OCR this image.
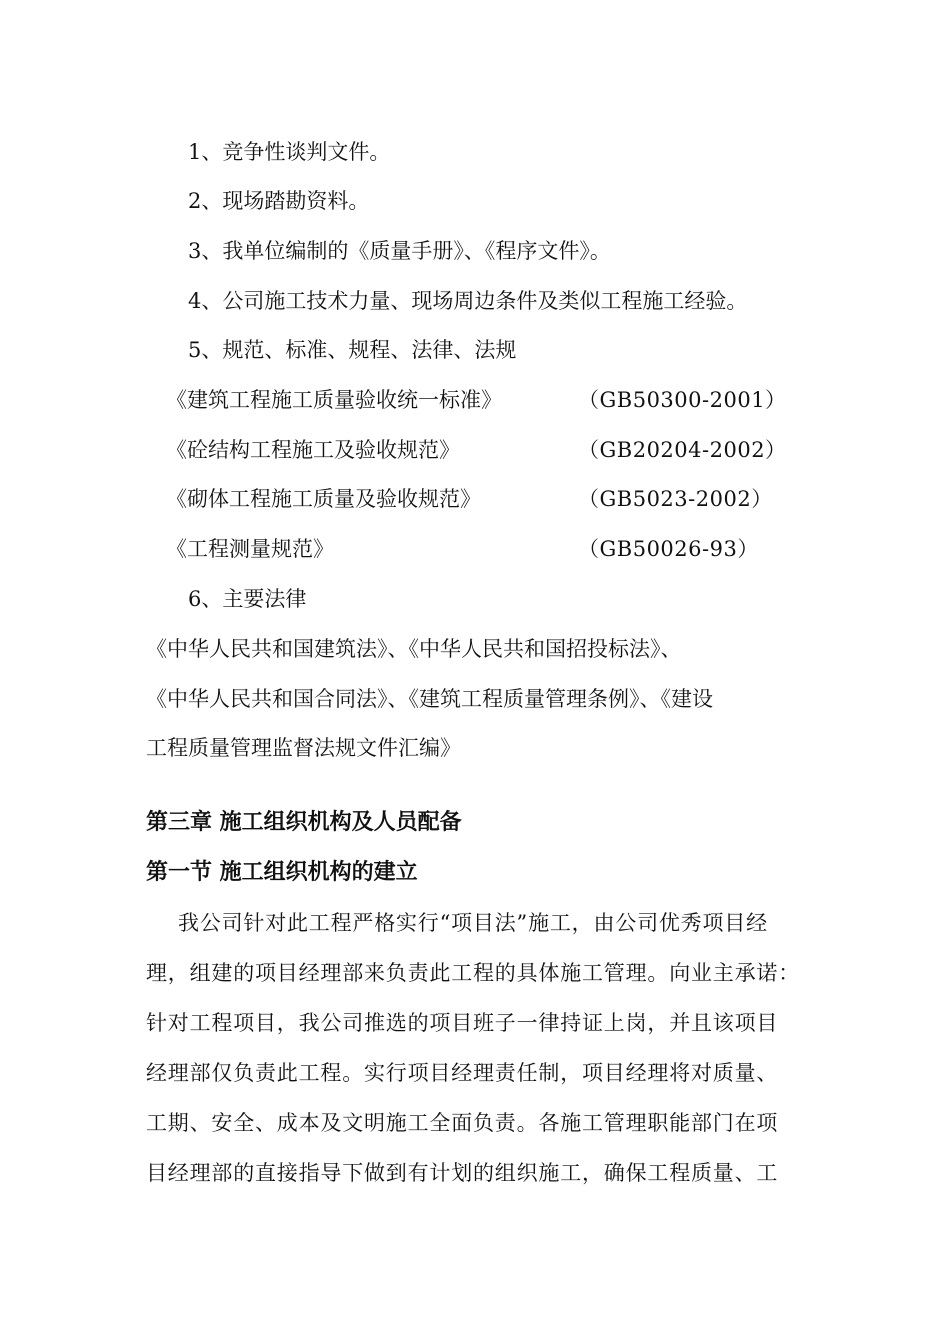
1、竞争性谈判文件。
2、现场踏勘资料。
3、我单位编制的《质量手册》、《程序文件》。
4、公司施工技术力量、现场周边条件及类似工程施工经验。
5、规范、标准、规程、法律、法规
《建筑工程施工质量验收统一标准》	（GB50300-2001）
《砼结构工程施工及验收规范》	（GB20204-2002）
《砌体工程施工质量及验收规范》	（GB5023-2002）
《工程测量规范》	（GB50026-93）
6、主要法律
《中华人民共和国建筑法》、《中华人民共和国招投标法》、
《中华人民共和国合同法》、《建筑工程质量管理条例》、《建设
工程质量管理监督法规文件汇编》
第三章 施工组织机构及人员配备
第一节 施工组织机构的建立
我公司针对此工程严格实行“项目法”施工，由公司优秀项目经
理，组建的项目经理部来负责此工程的具体施工管理。向业主承诺：
针对工程项目，我公司推选的项目班子一律持证上岗，并且该项目
经理部仅负责此工程。实行项目经理责任制，项目经理将对质量、
工期、安全、成本及文明施工全面负责。各施工管理职能部门在项
目经理部的直接指导下做到有计划的组织施工，确保工程质量、工
